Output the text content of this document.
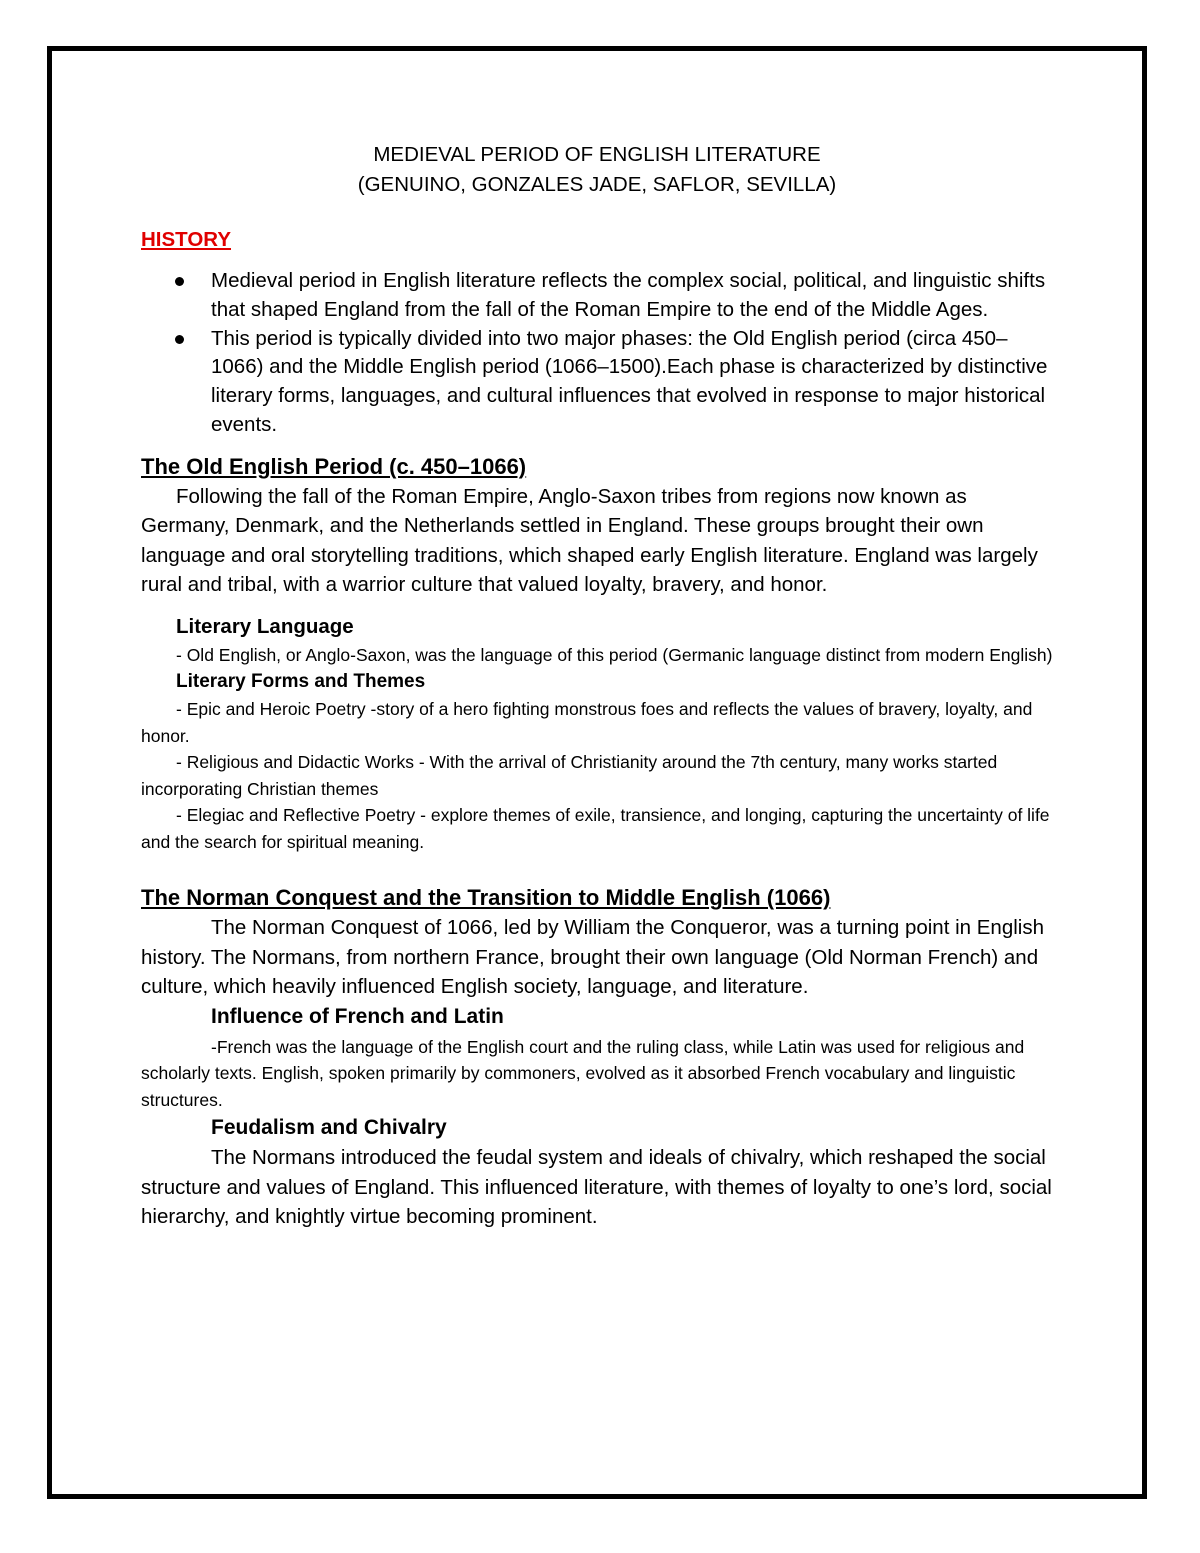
MEDIEVAL PERIOD OF ENGLISH LITERATURE
(GENUINO, GONZALES JADE, SAFLOR, SEVILLA)
HISTORY
Medieval period in English literature reflects the complex social, political, and linguistic shifts that shaped England from the fall of the Roman Empire to the end of the Middle Ages.
This period is typically divided into two major phases: the Old English period (circa 450–1066) and the Middle English period (1066–1500).Each phase is characterized by distinctive literary forms, languages, and cultural influences that evolved in response to major historical events.
The Old English Period (c. 450–1066)
Following the fall of the Roman Empire, Anglo-Saxon tribes from regions now known as Germany, Denmark, and the Netherlands settled in England. These groups brought their own language and oral storytelling traditions, which shaped early English literature. England was largely rural and tribal, with a warrior culture that valued loyalty, bravery, and honor.
Literary Language
- Old English, or Anglo-Saxon, was the language of this period (Germanic language distinct from modern English)
Literary Forms and Themes
- Epic and Heroic Poetry -story of a hero fighting monstrous foes and reflects the values of bravery, loyalty, and honor.
- Religious and Didactic Works - With the arrival of Christianity around the 7th century, many works started incorporating Christian themes
- Elegiac and Reflective Poetry - explore themes of exile, transience, and longing, capturing the uncertainty of life and the search for spiritual meaning.
The Norman Conquest and the Transition to Middle English (1066)
The Norman Conquest of 1066, led by William the Conqueror, was a turning point in English history. The Normans, from northern France, brought their own language (Old Norman French) and culture, which heavily influenced English society, language, and literature.
Influence of French and Latin
-French was the language of the English court and the ruling class, while Latin was used for religious and scholarly texts. English, spoken primarily by commoners, evolved as it absorbed French vocabulary and linguistic structures.
Feudalism and Chivalry
The Normans introduced the feudal system and ideals of chivalry, which reshaped the social structure and values of England. This influenced literature, with themes of loyalty to one’s lord, social hierarchy, and knightly virtue becoming prominent.
